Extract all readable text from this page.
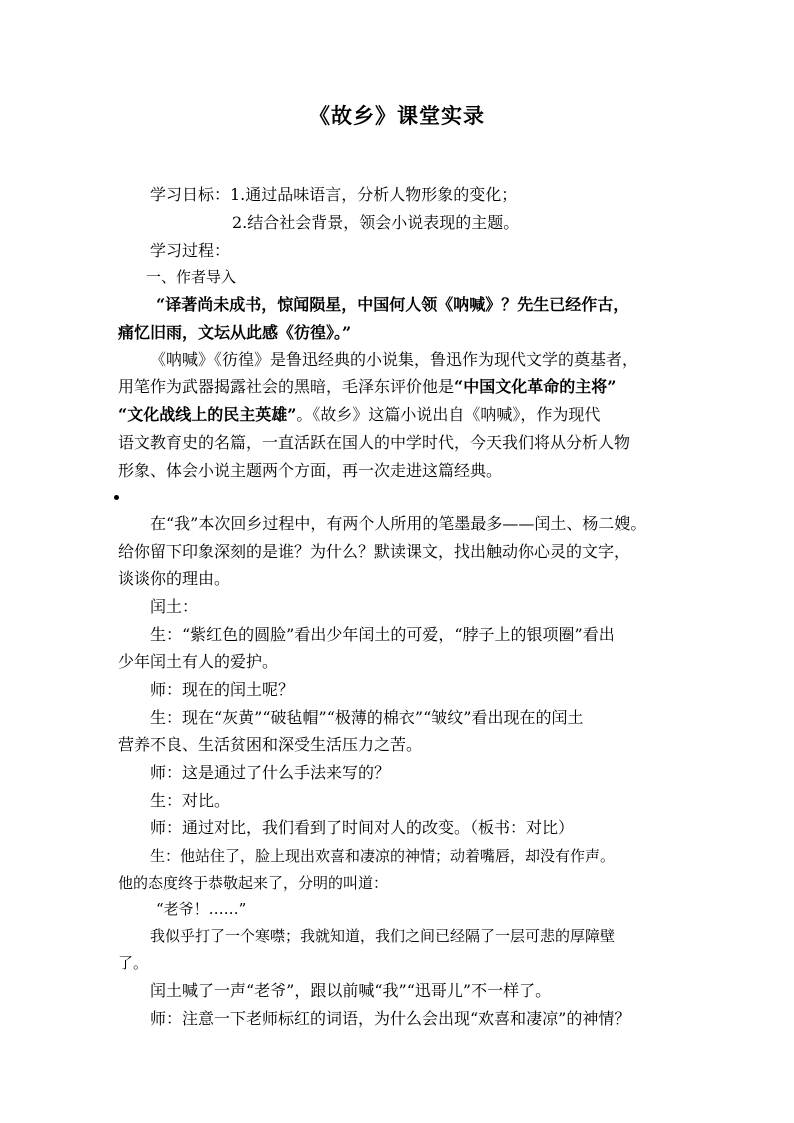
《故乡》课堂实录
学习日标：1.通过品味语言，分析人物形象的变化；
2.结合社会背景，领会小说表现的主题。
学习过程：
一、作者导入
“译著尚未成书，惊闻陨星，中国何人领《呐喊》？先生已经作古，
痛忆旧雨，文坛从此感《彷徨》。”
《呐喊》《彷徨》是鲁迅经典的小说集，鲁迅作为现代文学的奠基者，
用笔作为武器揭露社会的黑暗，毛泽东评价他是“中国文化革命的主将”
“文化战线上的民主英雄”。《故乡》这篇小说出自《呐喊》，作为现代
语文教育史的名篇，一直活跃在国人的中学时代，今天我们将从分析人物
形象、体会小说主题两个方面，再一次走进这篇经典。
在“我”本次回乡过程中，有两个人所用的笔墨最多——闰土、杨二嫂。
给你留下印象深刻的是谁？为什么？默读课文，找出触动你心灵的文字，
谈谈你的理由。
闰土：
生：“紫红色的圆脸”看出少年闰土的可爱，“脖子上的银项圈”看出
少年闰土有人的爱护。
师：现在的闰土呢？
生：现在“灰黄”“破毡帽”“极薄的棉衣”“皱纹”看出现在的闰土
营养不良、生活贫困和深受生活压力之苦。
师：这是通过了什么手法来写的？
生：对比。
师：通过对比，我们看到了时间对人的改变。（板书：对比）
生：他站住了，脸上现出欢喜和凄凉的神情；动着嘴唇，却没有作声。
他的态度终于恭敬起来了，分明的叫道：
“老爷！……”
我似乎打了一个寒噤；我就知道，我们之间已经隔了一层可悲的厚障壁
了。
闰土喊了一声“老爷”，跟以前喊“我”“迅哥儿”不一样了。
师：注意一下老师标红的词语，为什么会出现“欢喜和凄凉”的神情？
